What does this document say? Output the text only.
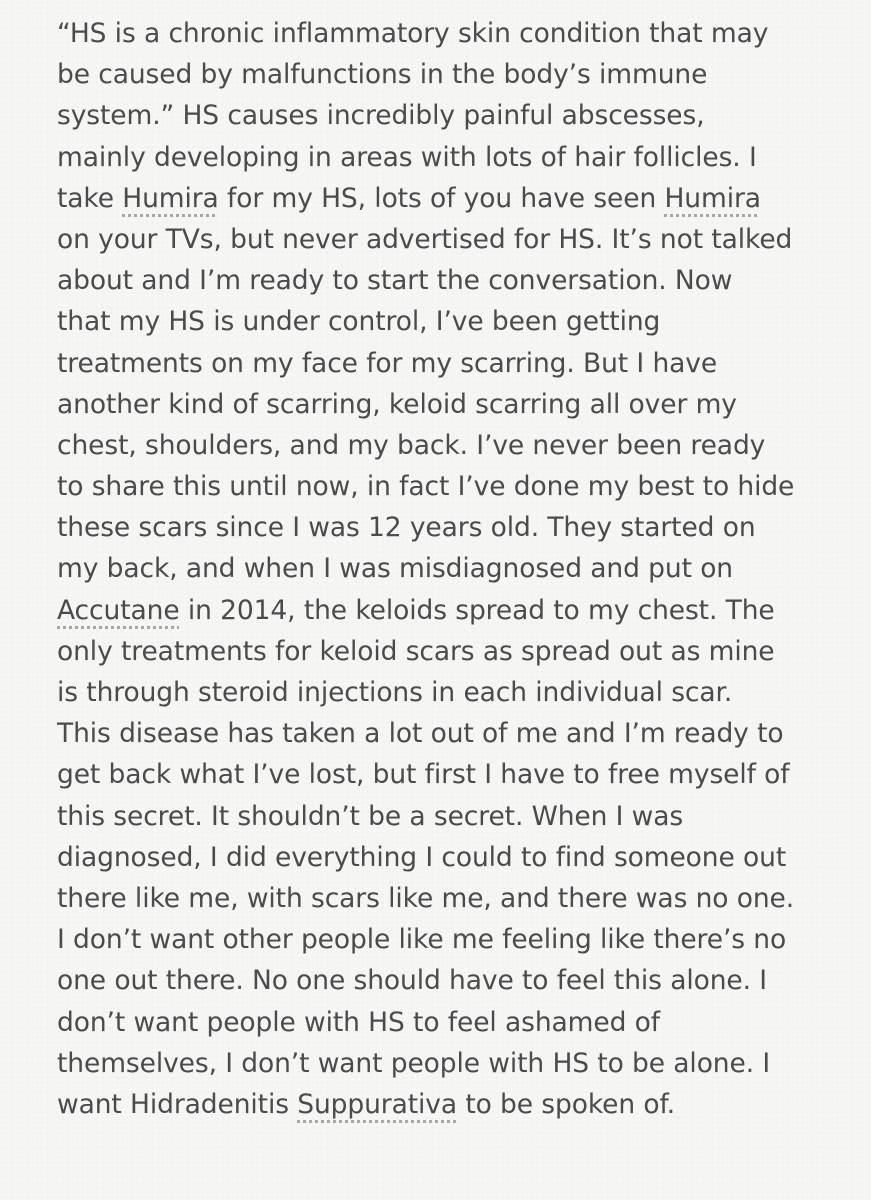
“HS is a chronic inflammatory skin condition that may
be caused by malfunctions in the body’s immune
system.” HS causes incredibly painful abscesses,
mainly developing in areas with lots of hair follicles. I
take Humira for my HS, lots of you have seen Humira
on your TVs, but never advertised for HS. It’s not talked
about and I’m ready to start the conversation. Now
that my HS is under control, I’ve been getting
treatments on my face for my scarring. But I have
another kind of scarring, keloid scarring all over my
chest, shoulders, and my back. I’ve never been ready
to share this until now, in fact I’ve done my best to hide
these scars since I was 12 years old. They started on
my back, and when I was misdiagnosed and put on
Accutane in 2014, the keloids spread to my chest. The
only treatments for keloid scars as spread out as mine
is through steroid injections in each individual scar.
This disease has taken a lot out of me and I’m ready to
get back what I’ve lost, but first I have to free myself of
this secret. It shouldn’t be a secret. When I was
diagnosed, I did everything I could to find someone out
there like me, with scars like me, and there was no one.
I don’t want other people like me feeling like there’s no
one out there. No one should have to feel this alone. I
don’t want people with HS to feel ashamed of
themselves, I don’t want people with HS to be alone. I
want Hidradenitis Suppurativa to be spoken of.
